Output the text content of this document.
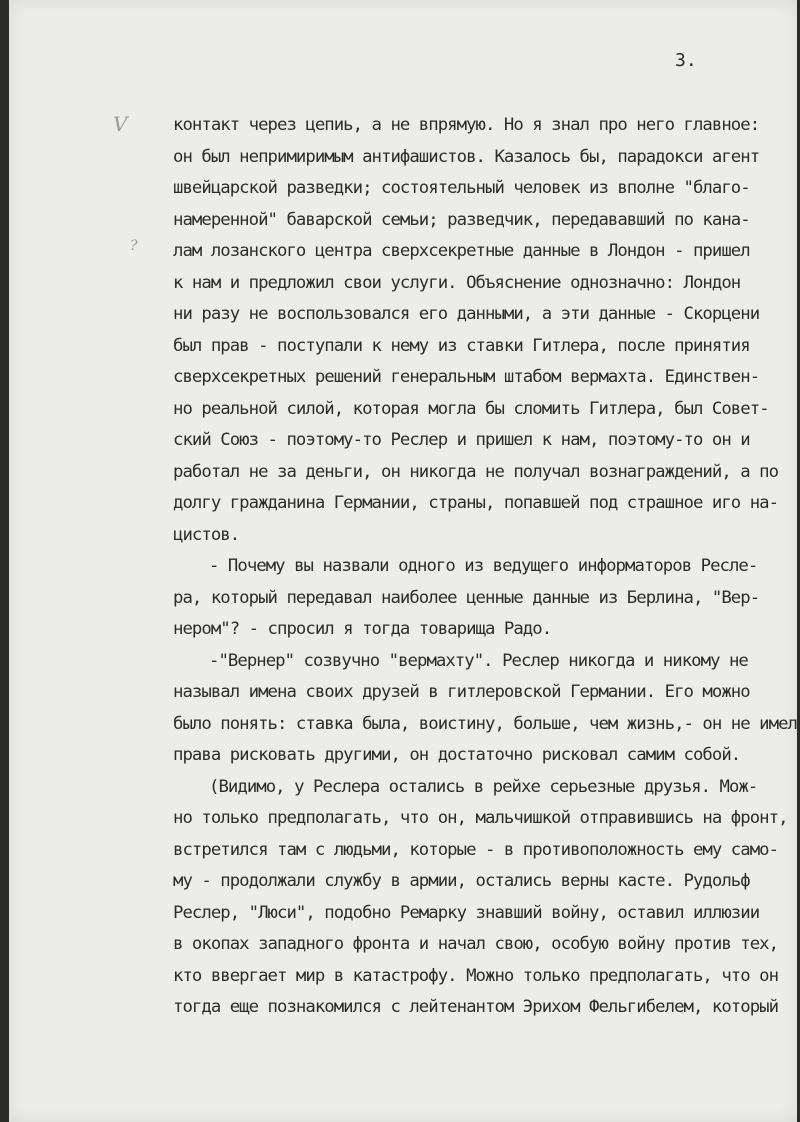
3.
V
?
контакт через цепиь, а не впрямую. Но я знал про него главное:
он был непримиримым антифашистов. Казалось бы, парадокси агент
швейцарской разведки; состоятельный человек из вполне "благо-
намеренной" баварской семьи; разведчик, передававший по кана-
лам лозанского центра сверхсекретные данные в Лондон - пришел
к нам и предложил свои услуги. Объяснение однозначно: Лондон
ни разу не воспользовался его данными, а эти данные - Скорцени
был прав - поступали к нему из ставки Гитлера, после принятия
сверхсекретных решений генеральным штабом вермахта. Единствен-
но реальной силой, которая могла бы сломить Гитлера, был Совет-
ский Союз - поэтому-то Реслер и пришел к нам, поэтому-то он и
работал не за деньги, он никогда не получал вознаграждений, а по
долгу гражданина Германии, страны, попавшей под страшное иго на-
цистов.
- Почему вы назвали одного из ведущего информаторов Реслe-
ра, который передавал наиболее ценные данные из Берлина, "Вер-
нером"? - спросил я тогда товарища Радо.
-"Вернер" созвучно "вермахту". Реслер никогда и никому не
называл имена своих друзей в гитлеровской Германии. Его можно
было понять: ставка была, воистину, больше, чем жизнь,- он не имел
права рисковать другими, он достаточно рисковал самим собой.
(Видимо, у Реслера остались в рейхе серьезные друзья. Мож-
но только предполагать, что он, мальчишкой отправившись на фронт,
встретился там с людьми, которые - в противоположность ему само-
му - продолжали службу в армии, остались верны касте. Рудольф
Реслер, "Люси", подобно Ремарку знавший войну, оставил иллюзии
в окопах западного фронта и начал свою, особую войну против тех,
кто ввергает мир в катастрофу. Можно только предполагать, что он
тогда еще познакомился с лейтенантом Эрихом Фельгибелем, который
